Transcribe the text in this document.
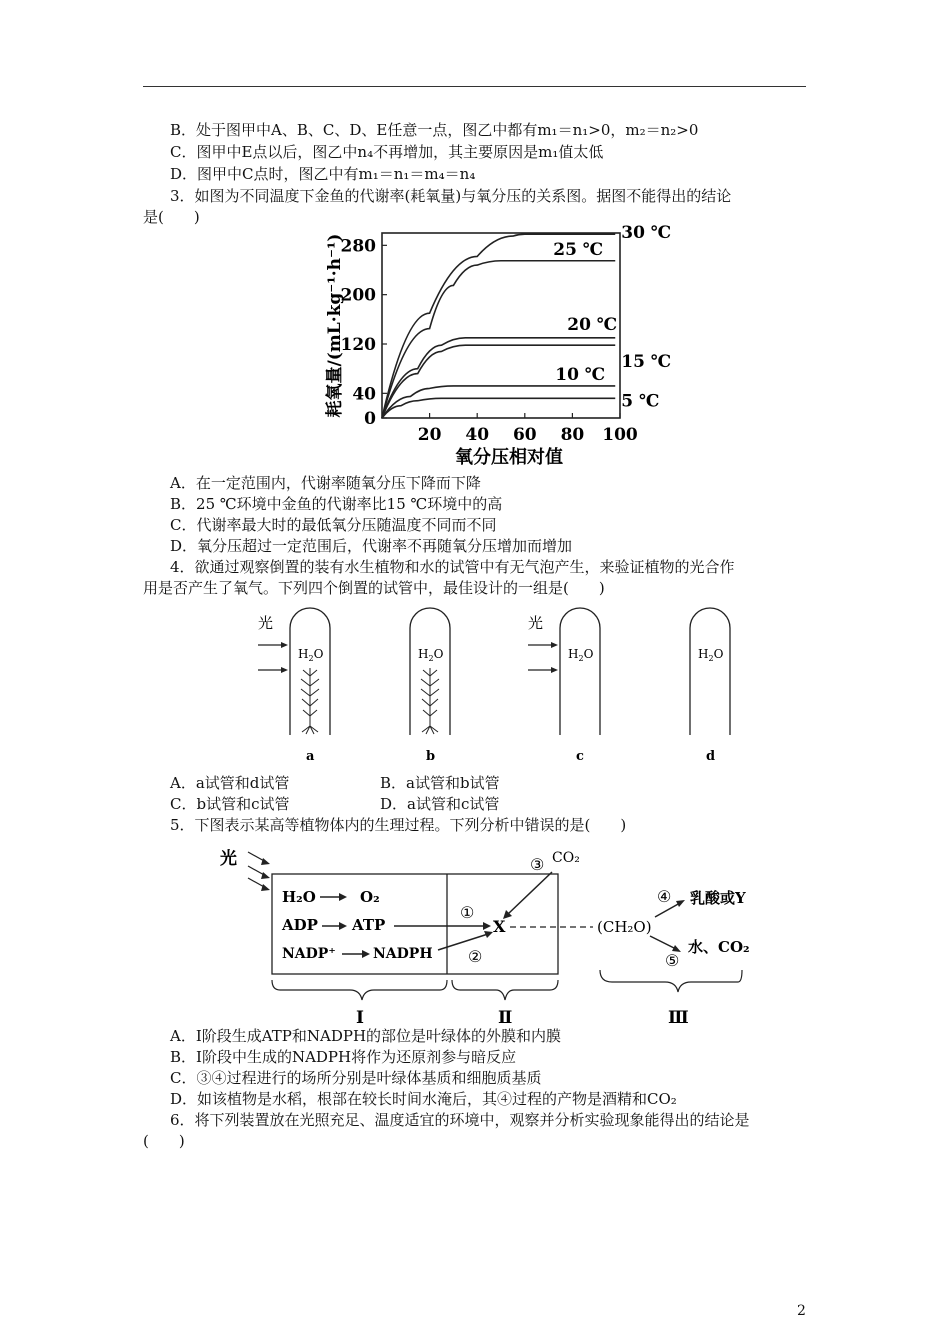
B．处于图甲中A、B、C、D、E任意一点，图乙中都有m₁＝n₁>0，m₂＝n₂>0
C．图甲中E点以后，图乙中n₄不再增加，其主要原因是m₁值太低
D．图甲中C点时，图乙中有m₁＝n₁＝m₄＝n₄
3．如图为不同温度下金鱼的代谢率(耗氧量)与氧分压的关系图。据图不能得出的结论
是(　　)
0
40
120
200
280
20 40 60 80 100
氧分压相对值
耗氧量/(mL·kg⁻¹·h⁻¹)
30 ℃
25 ℃
20 ℃
15 ℃
10 ℃
5 ℃
A．在一定范围内，代谢率随氧分压下降而下降
B．25 ℃环境中金鱼的代谢率比15 ℃环境中的高
C．代谢率最大时的最低氧分压随温度不同而不同
D．氧分压超过一定范围后，代谢率不再随氧分压增加而增加
4．欲通过观察倒置的装有水生植物和水的试管中有无气泡产生，来验证植物的光合作
用是否产生了氧气。下列四个倒置的试管中，最佳设计的一组是(　　)
光
$H_2O$
a
$H_2O$
b
光
$H_2O$
c
$H_2O$
d
A．a试管和d试管	B．a试管和b试管
C．b试管和c试管	D．a试管和c试管
5．下图表示某高等植物体内的生理过程。下列分析中错误的是(　　)
光
H₂O	O₂
ADP ATP
NADP⁺	NADPH
①
②
③ CO₂
X	(CH₂O)
④ 乳酸或Y
⑤
水、CO₂
Ⅰ	Ⅱ	Ⅲ
A．Ⅰ阶段生成ATP和NADPH的部位是叶绿体的外膜和内膜
B．Ⅰ阶段中生成的NADPH将作为还原剂参与暗反应
C．③④过程进行的场所分别是叶绿体基质和细胞质基质
D．如该植物是水稻，根部在较长时间水淹后，其④过程的产物是酒精和CO₂
6．将下列装置放在光照充足、温度适宜的环境中，观察并分析实验现象能得出的结论是
(　　)
2
